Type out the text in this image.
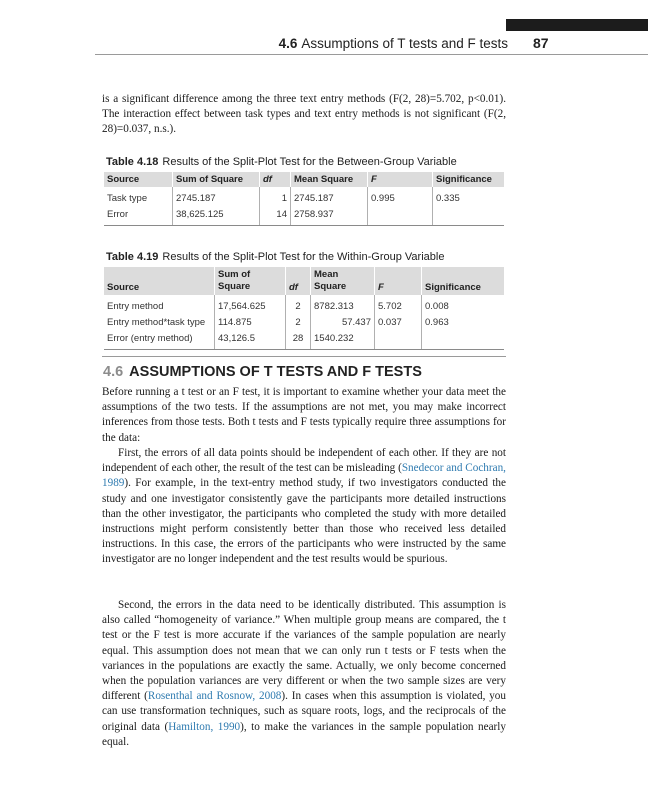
4.6 Assumptions of T tests and F tests 87

is a significant difference among the three text entry methods (F(2, 28)=5.702, p<0.01). The interaction effect between task types and text entry methods is not significant (F(2, 28)=0.037, n.s.).

Table 4.18 Results of the Split-Plot Test for the Between-Group Variable
Source	Sum of Square	df	Mean Square	F	Significance
Task type	2745.187	1	2745.187	0.995	0.335
Error	38,625.125	14	2758.937		
Table 4.19 Results of the Split-Plot Test for the Within-Group Variable
Source	Sum of Square	df	Mean Square	F	Significance
Entry method	17,564.625	2	8782.313	5.702	0.008
Entry method*task type	114.875	2	57.437	0.037	0.963
Error (entry method)	43,126.5	28	1540.232		
4.6 ASSUMPTIONS OF T TESTS AND F TESTS

Before running a t test or an F test, it is important to examine whether your data meet the assumptions of the two tests. If the assumptions are not met, you may make incorrect inferences from those tests. Both t tests and F tests typically require three assumptions for the data:

First, the errors of all data points should be independent of each other. If they are not independent of each other, the result of the test can be misleading (Snedecor and Cochran, 1989). For example, in the text-entry method study, if two investigators conducted the study and one investigator consistently gave the participants more detailed instructions than the other investigator, the participants who completed the study with more detailed instructions might perform consistently better than those who received less detailed instructions. In this case, the errors of the participants who were instructed by the same investigator are no longer independent and the test results would be spurious.

Second, the errors in the data need to be identically distributed. This assumption is also called “homogeneity of variance.” When multiple group means are compared, the t test or the F test is more accurate if the variances of the sample population are nearly equal. This assumption does not mean that we can only run t tests or F tests when the variances in the populations are exactly the same. Actually, we only become concerned when the population variances are very different or when the two sample sizes are very different (Rosenthal and Rosnow, 2008). In cases when this assumption is violated, you can use transformation techniques, such as square roots, logs, and the reciprocals of the original data (Hamilton, 1990), to make the variances in the sample population nearly equal.
